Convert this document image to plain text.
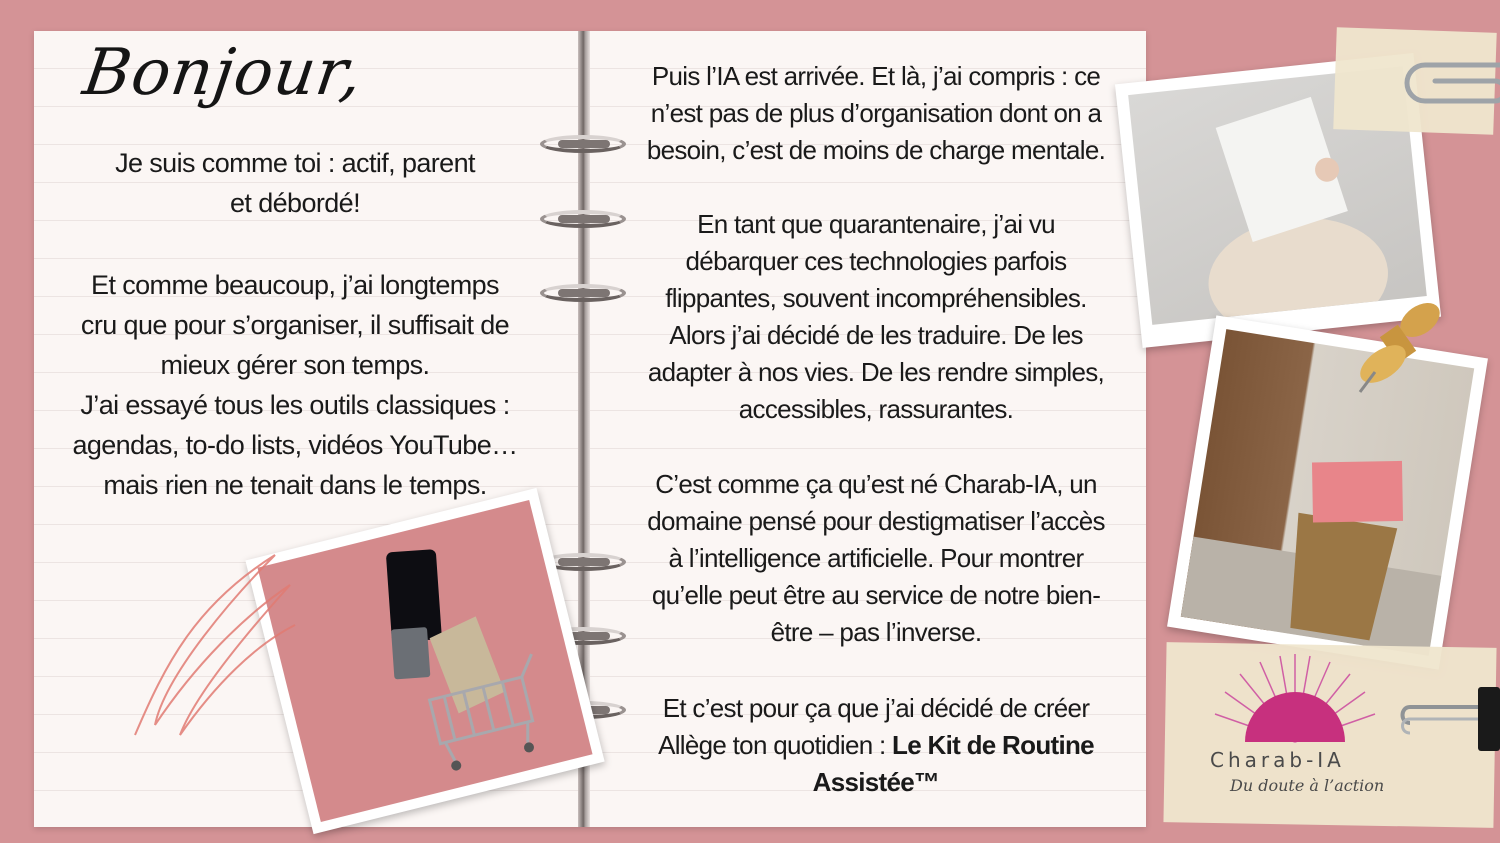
Bonjour,
Je suis comme toi : actif, parent
et débordé!
Et comme beaucoup, j’ai longtemps
cru que pour s’organiser, il suffisait de
mieux gérer son temps.
J’ai essayé tous les outils classiques :
agendas, to-do lists, vidéos YouTube…
mais rien ne tenait dans le temps.
Puis l’IA est arrivée. Et là, j’ai compris : ce
n’est pas de plus d’organisation dont on a
besoin, c’est de moins de charge mentale.
En tant que quarantenaire, j’ai vu
débarquer ces technologies parfois
flippantes, souvent incompréhensibles.
Alors j’ai décidé de les traduire. De les
adapter à nos vies. De les rendre simples,
accessibles, rassurantes.
C’est comme ça qu’est né Charab-IA, un
domaine pensé pour destigmatiser l’accès
à l’intelligence artificielle. Pour montrer
qu’elle peut être au service de notre bien-
être – pas l’inverse.
Et c’est pour ça que j’ai décidé de créer
Allège ton quotidien : Le Kit de Routine
Assistée™
Charab-IA
Du doute à l’action
